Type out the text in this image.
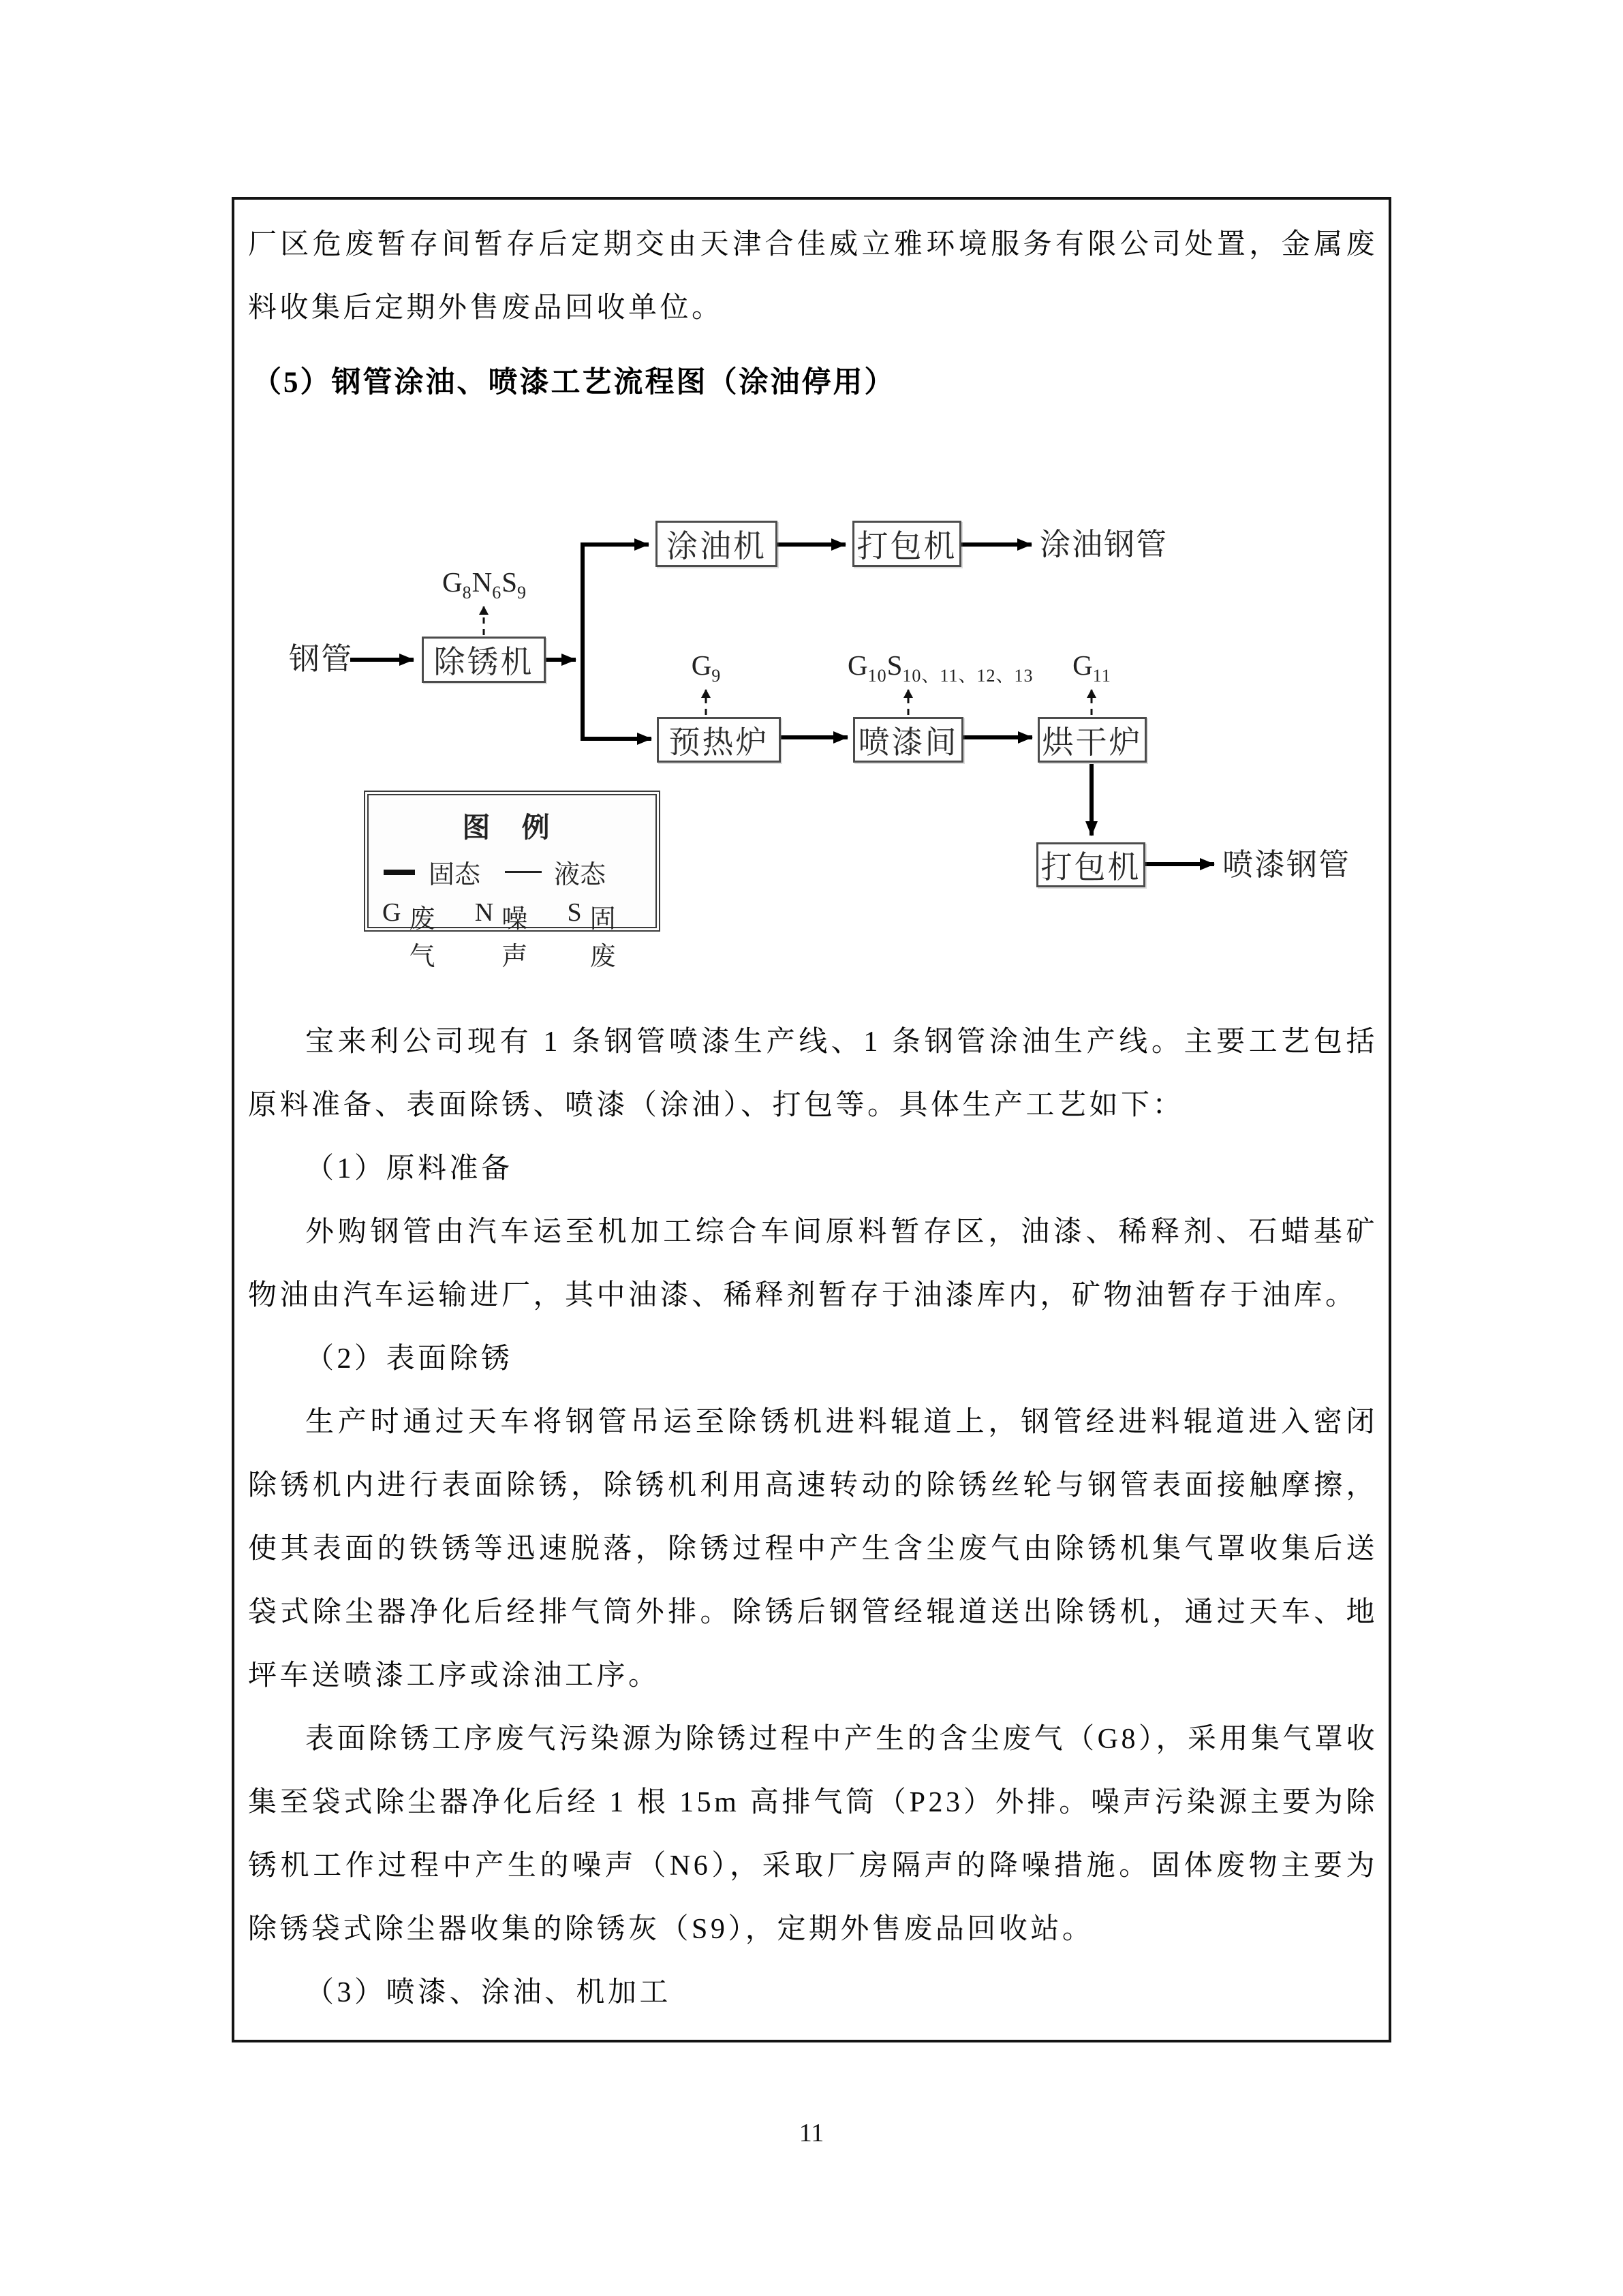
厂区危废暂存间暂存后定期交由天津合佳威立雅环境服务有限公司处置，金属废料收集后定期外售废品回收单位。

（5）钢管涂油、喷漆工艺流程图（涂油停用）
涂油机	打包机	涂油钢管
$G_8N_6S_9$
钢管	除锈机	$G_9$	$G_{10}S_{10、11、12、13}$	$G_{11}$
预热炉	喷漆间	烘干炉
打包机	喷漆钢管
图 例
固态	液态
G 废气
N 噪声
S 固废

宝来利公司现有 1 条钢管喷漆生产线、1 条钢管涂油生产线。主要工艺包括原料准备、表面除锈、喷漆（涂油）、打包等。具体生产工艺如下：

（1）原料准备

外购钢管由汽车运至机加工综合车间原料暂存区，油漆、稀释剂、石蜡基矿物油由汽车运输进厂，其中油漆、稀释剂暂存于油漆库内，矿物油暂存于油库。

（2）表面除锈

生产时通过天车将钢管吊运至除锈机进料辊道上，钢管经进料辊道进入密闭除锈机内进行表面除锈，除锈机利用高速转动的除锈丝轮与钢管表面接触摩擦，使其表面的铁锈等迅速脱落，除锈过程中产生含尘废气由除锈机集气罩收集后送袋式除尘器净化后经排气筒外排。除锈后钢管经辊道送出除锈机，通过天车、地坪车送喷漆工序或涂油工序。

表面除锈工序废气污染源为除锈过程中产生的含尘废气（G8），采用集气罩收集至袋式除尘器净化后经 1 根 15m 高排气筒（P23）外排。噪声污染源主要为除锈机工作过程中产生的噪声（N6），采取厂房隔声的降噪措施。固体废物主要为除锈袋式除尘器收集的除锈灰（S9），定期外售废品回收站。

（3）喷漆、涂油、机加工

11
